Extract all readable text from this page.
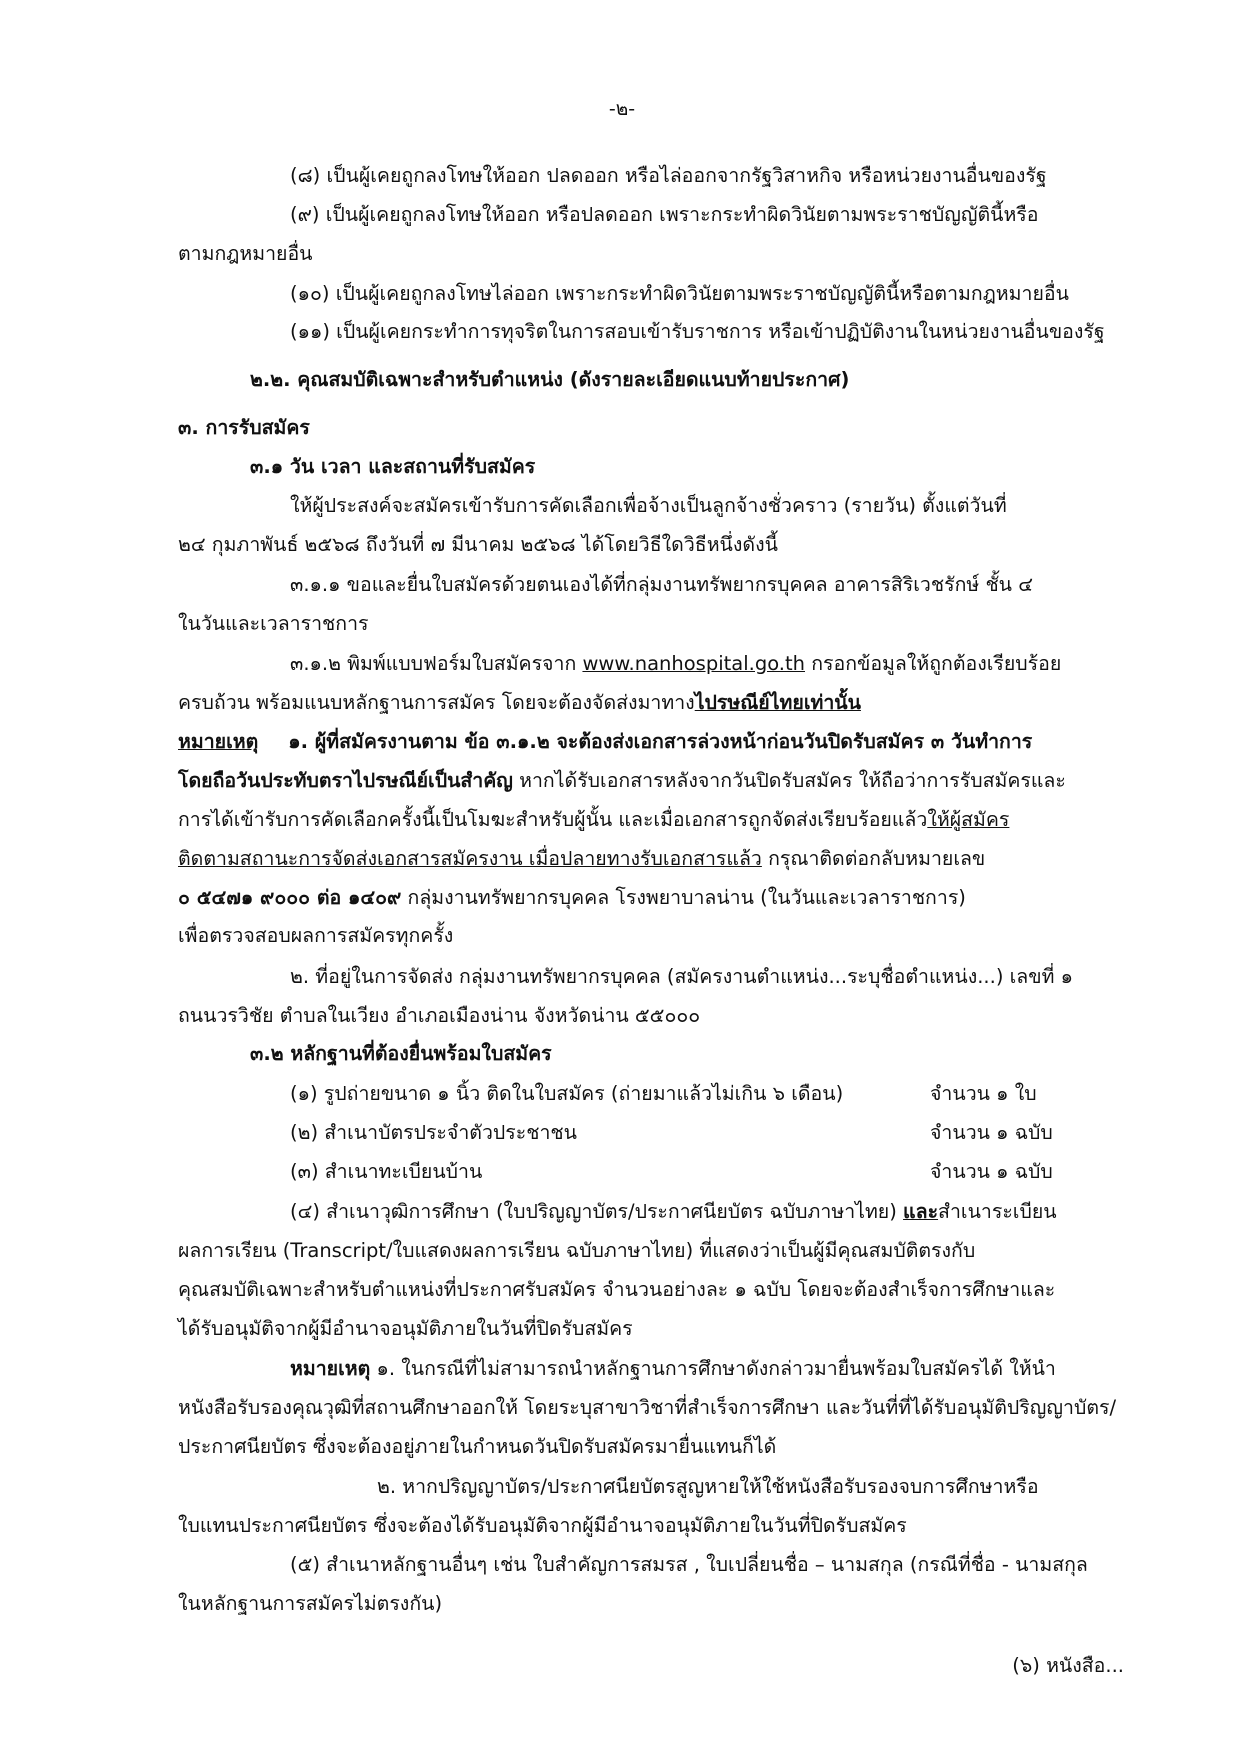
-๒-
(๘) เป็นผู้เคยถูกลงโทษให้ออก ปลดออก หรือไล่ออกจากรัฐวิสาหกิจ หรือหน่วยงานอื่นของรัฐ
(๙) เป็นผู้เคยถูกลงโทษให้ออก หรือปลดออก เพราะกระทำผิดวินัยตามพระราชบัญญัตินี้หรือ
ตามกฎหมายอื่น
(๑๐) เป็นผู้เคยถูกลงโทษไล่ออก เพราะกระทำผิดวินัยตามพระราชบัญญัตินี้หรือตามกฎหมายอื่น
(๑๑) เป็นผู้เคยกระทำการทุจริตในการสอบเข้ารับราชการ หรือเข้าปฏิบัติงานในหน่วยงานอื่นของรัฐ
๒.๒. คุณสมบัติเฉพาะสำหรับตำแหน่ง (ดังรายละเอียดแนบท้ายประกาศ)
๓. การรับสมัคร
๓.๑ วัน เวลา และสถานที่รับสมัคร
ให้ผู้ประสงค์จะสมัครเข้ารับการคัดเลือกเพื่อจ้างเป็นลูกจ้างชั่วคราว (รายวัน) ตั้งแต่วันที่
๒๔ กุมภาพันธ์ ๒๕๖๘ ถึงวันที่ ๗ มีนาคม ๒๕๖๘ ได้โดยวิธีใดวิธีหนึ่งดังนี้
๓.๑.๑ ขอและยื่นใบสมัครด้วยตนเองได้ที่กลุ่มงานทรัพยากรบุคคล อาคารสิริเวชรักษ์ ชั้น ๔
ในวันและเวลาราชการ
๓.๑.๒ พิมพ์แบบฟอร์มใบสมัครจาก www.nanhospital.go.th กรอกข้อมูลให้ถูกต้องเรียบร้อย
ครบถ้วน พร้อมแนบหลักฐานการสมัคร โดยจะต้องจัดส่งมาทางไปรษณีย์ไทยเท่านั้น
หมายเหตุ ๑. ผู้ที่สมัครงานตาม ข้อ ๓.๑.๒ จะต้องส่งเอกสารล่วงหน้าก่อนวันปิดรับสมัคร ๓ วันทำการ
โดยถือวันประทับตราไปรษณีย์เป็นสำคัญ หากได้รับเอกสารหลังจากวันปิดรับสมัคร ให้ถือว่าการรับสมัครและ
การได้เข้ารับการคัดเลือกครั้งนี้เป็นโมฆะสำหรับผู้นั้น และเมื่อเอกสารถูกจัดส่งเรียบร้อยแล้วให้ผู้สมัคร
ติดตามสถานะการจัดส่งเอกสารสมัครงาน เมื่อปลายทางรับเอกสารแล้ว กรุณาติดต่อกลับหมายเลข
๐ ๕๔๗๑ ๙๐๐๐ ต่อ ๑๔๐๙ กลุ่มงานทรัพยากรบุคคล โรงพยาบาลน่าน (ในวันและเวลาราชการ)
เพื่อตรวจสอบผลการสมัครทุกครั้ง
๒. ที่อยู่ในการจัดส่ง กลุ่มงานทรัพยากรบุคคล (สมัครงานตำแหน่ง...ระบุชื่อตำแหน่ง...) เลขที่ ๑
ถนนวรวิชัย ตำบลในเวียง อำเภอเมืองน่าน จังหวัดน่าน ๕๕๐๐๐
๓.๒ หลักฐานที่ต้องยื่นพร้อมใบสมัคร
(๑) รูปถ่ายขนาด ๑ นิ้ว ติดในใบสมัคร (ถ่ายมาแล้วไม่เกิน ๖ เดือน)	จำนวน ๑ ใบ
(๒) สำเนาบัตรประจำตัวประชาชน	จำนวน ๑ ฉบับ
(๓) สำเนาทะเบียนบ้าน	จำนวน ๑ ฉบับ
(๔) สำเนาวุฒิการศึกษา (ใบปริญญาบัตร/ประกาศนียบัตร ฉบับภาษาไทย) และสำเนาระเบียน
ผลการเรียน (Transcript/ใบแสดงผลการเรียน ฉบับภาษาไทย) ที่แสดงว่าเป็นผู้มีคุณสมบัติตรงกับ
คุณสมบัติเฉพาะสำหรับตำแหน่งที่ประกาศรับสมัคร จำนวนอย่างละ ๑ ฉบับ โดยจะต้องสำเร็จการศึกษาและ
ได้รับอนุมัติจากผู้มีอำนาจอนุมัติภายในวันที่ปิดรับสมัคร
หมายเหตุ ๑. ในกรณีที่ไม่สามารถนำหลักฐานการศึกษาดังกล่าวมายื่นพร้อมใบสมัครได้ ให้นำ
หนังสือรับรองคุณวุฒิที่สถานศึกษาออกให้ โดยระบุสาขาวิชาที่สำเร็จการศึกษา และวันที่ที่ได้รับอนุมัติปริญญาบัตร/
ประกาศนียบัตร ซึ่งจะต้องอยู่ภายในกำหนดวันปิดรับสมัครมายื่นแทนก็ได้
๒. หากปริญญาบัตร/ประกาศนียบัตรสูญหายให้ใช้หนังสือรับรองจบการศึกษาหรือ
ใบแทนประกาศนียบัตร ซึ่งจะต้องได้รับอนุมัติจากผู้มีอำนาจอนุมัติภายในวันที่ปิดรับสมัคร
(๕) สำเนาหลักฐานอื่นๆ เช่น ใบสำคัญการสมรส , ใบเปลี่ยนชื่อ – นามสกุล (กรณีที่ชื่อ - นามสกุล
ในหลักฐานการสมัครไม่ตรงกัน)
(๖) หนังสือ...
